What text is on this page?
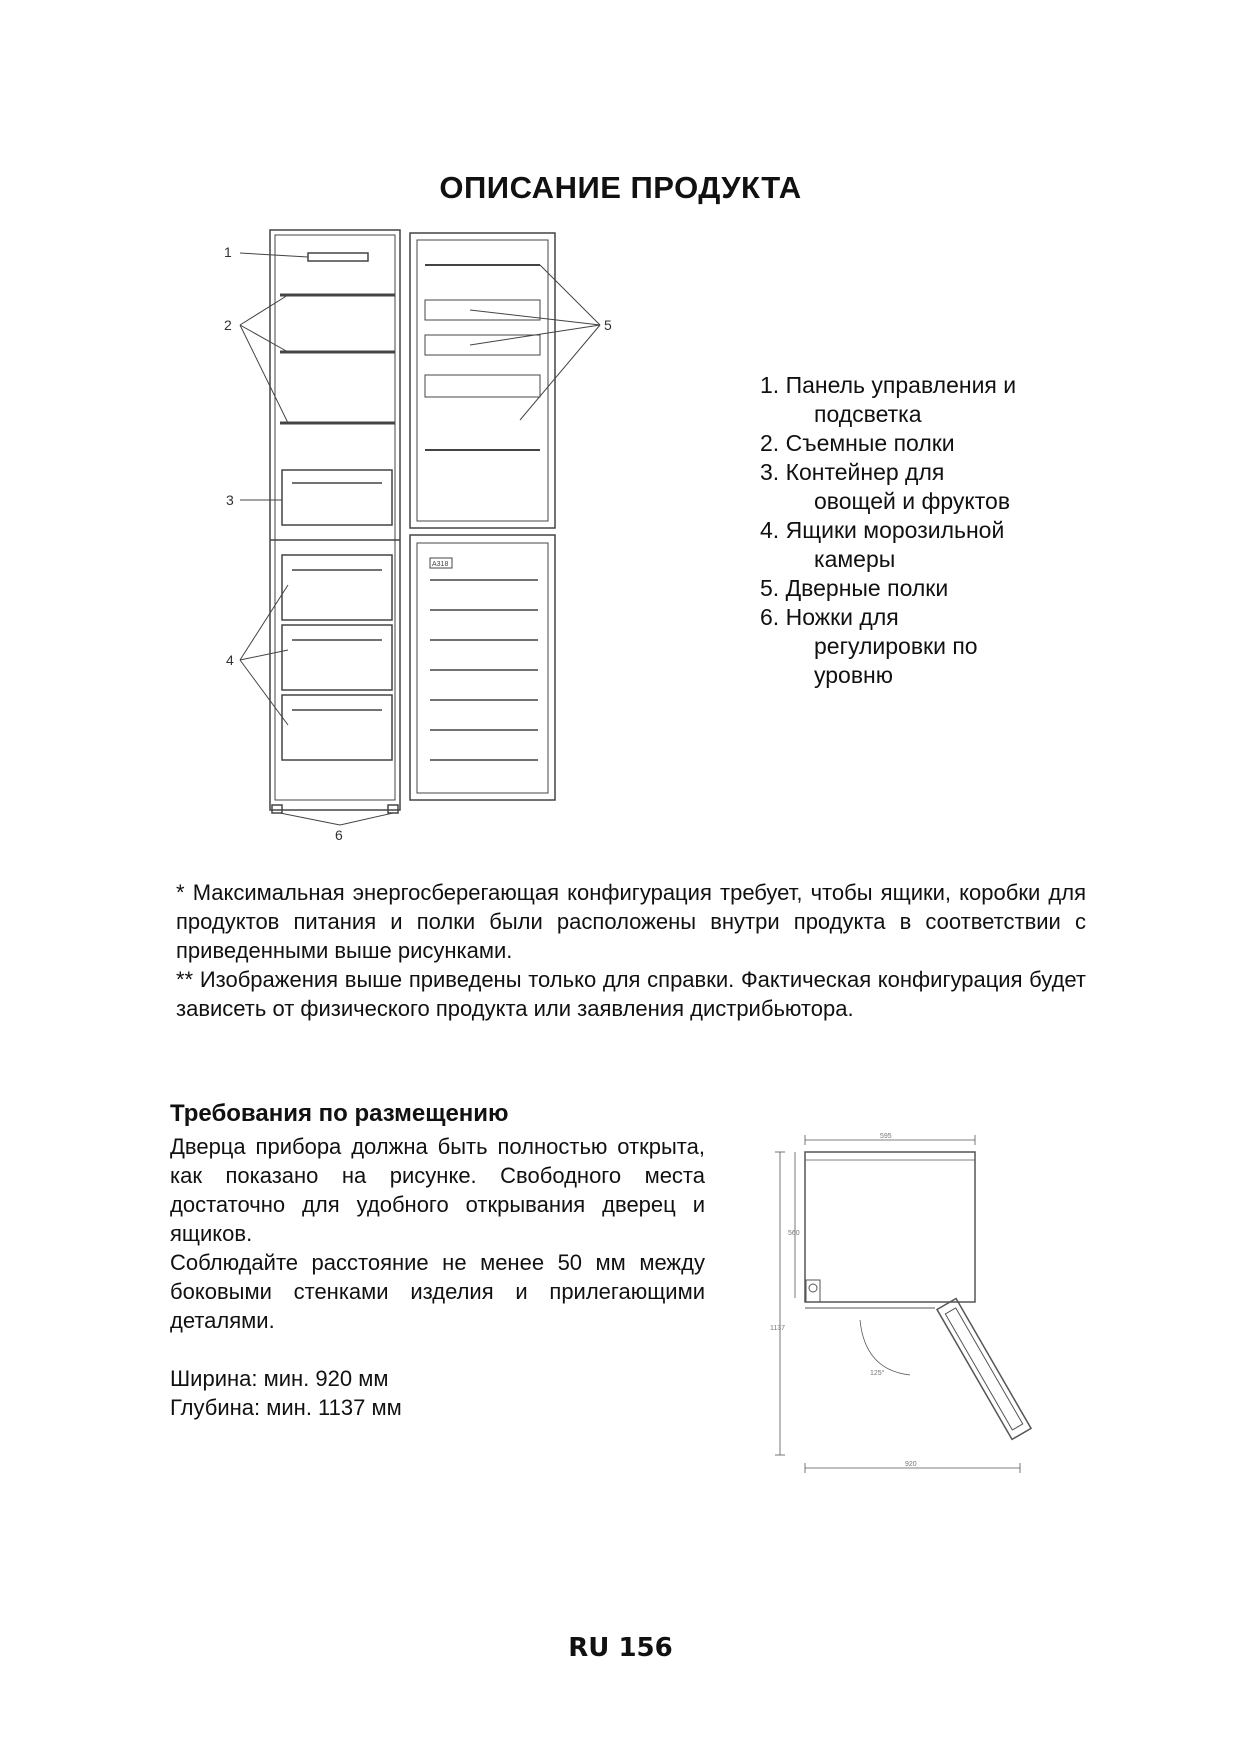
ОПИСАНИЕ ПРОДУКТА
A318
1
2
3
4
5
6
1. Панель управления и
подсветка
2. Съемные полки
3. Контейнер для
овощей и фруктов
4. Ящики морозильной
камеры
5. Дверные полки
6. Ножки для
регулировки по
уровню

* Максимальная энергосберегающая конфигурация требует, чтобы ящики, коробки для продуктов питания и полки были расположены внутри продукта в соответствии с приведенными выше рисунками.

** Изображения выше приведены только для справки. Фактическая конфигурация будет зависеть от физического продукта или заявления дистрибьютора.

Требования по размещению

Дверца прибора должна быть полностью открыта, как показано на рисунке. Свободного места достаточно для удобного открывания дверец и ящиков.

Соблюдайте расстояние не менее 50 мм между боковыми стенками изделия и прилегающими деталями.

Ширина: мин. 920 мм

Глубина: мин. 1137 мм

595
560
1137
125°
920
RU 156
